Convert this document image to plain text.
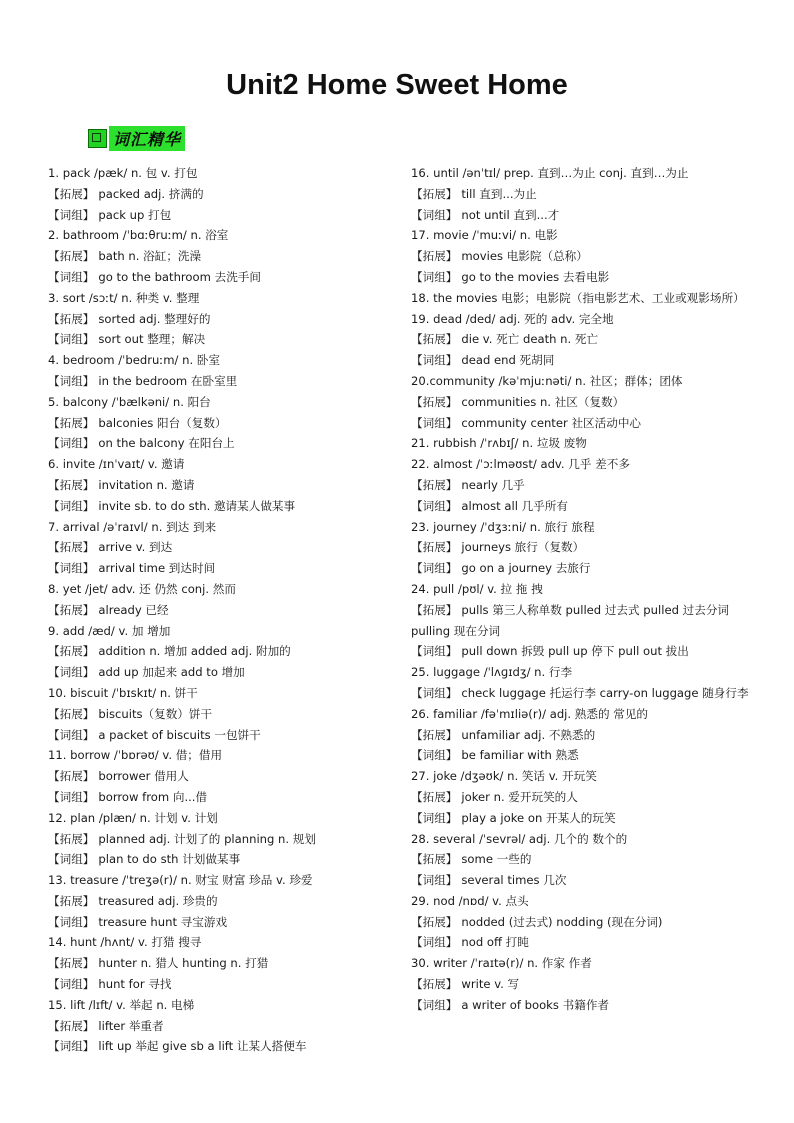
Unit2 Home Sweet Home
词汇精华
1. pack /pæk/ n. 包 v. 打包
【拓展】 packed adj. 挤满的
【词组】 pack up 打包
2. bathroom /ˈbɑːθruːm/ n. 浴室
【拓展】 bath n. 浴缸；洗澡
【词组】 go to the bathroom 去洗手间
3. sort /sɔːt/ n. 种类 v. 整理
【拓展】 sorted adj. 整理好的
【词组】 sort out 整理；解决
4. bedroom /ˈbedruːm/ n. 卧室
【词组】 in the bedroom 在卧室里
5. balcony /ˈbælkəni/ n. 阳台
【拓展】 balconies 阳台（复数）
【词组】 on the balcony 在阳台上
6. invite /ɪnˈvaɪt/ v. 邀请
【拓展】 invitation n. 邀请
【词组】 invite sb. to do sth. 邀请某人做某事
7. arrival /əˈraɪvl/ n. 到达 到来
【拓展】 arrive v. 到达
【词组】 arrival time 到达时间
8. yet /jet/ adv. 还 仍然 conj. 然而
【拓展】 already 已经
9. add /æd/ v. 加 增加
【拓展】 addition n. 增加 added adj. 附加的
【词组】 add up 加起来 add to 增加
10. biscuit /ˈbɪskɪt/ n. 饼干
【拓展】 biscuits（复数）饼干
【词组】 a packet of biscuits 一包饼干
11. borrow /ˈbɒrəʊ/ v. 借；借用
【拓展】 borrower 借用人
【词组】 borrow from 向...借
12. plan /plæn/ n. 计划 v. 计划
【拓展】 planned adj. 计划了的 planning n. 规划
【词组】 plan to do sth 计划做某事
13. treasure /ˈtreʒə(r)/ n. 财宝 财富 珍品 v. 珍爱
【拓展】 treasured adj. 珍贵的
【词组】 treasure hunt 寻宝游戏
14. hunt /hʌnt/ v. 打猎 搜寻
【拓展】 hunter n. 猎人 hunting n. 打猎
【词组】 hunt for 寻找
15. lift /lɪft/ v. 举起 n. 电梯
【拓展】 lifter 举重者
【词组】 lift up 举起 give sb a lift 让某人搭便车
16. until /ənˈtɪl/ prep. 直到…为止 conj. 直到…为止
【拓展】 till 直到...为止
【词组】 not until 直到...才
17. movie /ˈmuːvi/ n. 电影
【拓展】 movies 电影院（总称）
【词组】 go to the movies 去看电影
18. the movies 电影；电影院（指电影艺术、工业或观影场所）
19. dead /ded/ adj. 死的 adv. 完全地
【拓展】 die v. 死亡 death n. 死亡
【词组】 dead end 死胡同
20.community /kəˈmjuːnəti/ n. 社区；群体；团体
【拓展】 communities n. 社区（复数）
【词组】 community center 社区活动中心
21. rubbish /ˈrʌbɪʃ/ n. 垃圾 废物
22. almost /ˈɔːlməʊst/ adv. 几乎 差不多
【拓展】 nearly 几乎
【词组】 almost all 几乎所有
23. journey /ˈdʒɜːni/ n. 旅行 旅程
【拓展】 journeys 旅行（复数）
【词组】 go on a journey 去旅行
24. pull /pʊl/ v. 拉 拖 拽
【拓展】 pulls 第三人称单数 pulled 过去式 pulled 过去分词 pulling 现在分词
【词组】 pull down 拆毁 pull up 停下 pull out 拔出
25. luggage /ˈlʌɡɪdʒ/ n. 行李
【词组】 check luggage 托运行李 carry-on luggage 随身行李
26. familiar /fəˈmɪliə(r)/ adj. 熟悉的 常见的
【拓展】 unfamiliar adj. 不熟悉的
【词组】 be familiar with 熟悉
27. joke /dʒəʊk/ n. 笑话 v. 开玩笑
【拓展】 joker n. 爱开玩笑的人
【词组】 play a joke on 开某人的玩笑
28. several /ˈsevrəl/ adj. 几个的 数个的
【拓展】 some 一些的
【词组】 several times 几次
29. nod /nɒd/ v. 点头
【拓展】 nodded (过去式) nodding (现在分词)
【词组】 nod off 打盹
30. writer /ˈraɪtə(r)/ n. 作家 作者
【拓展】 write v. 写
【词组】 a writer of books 书籍作者
